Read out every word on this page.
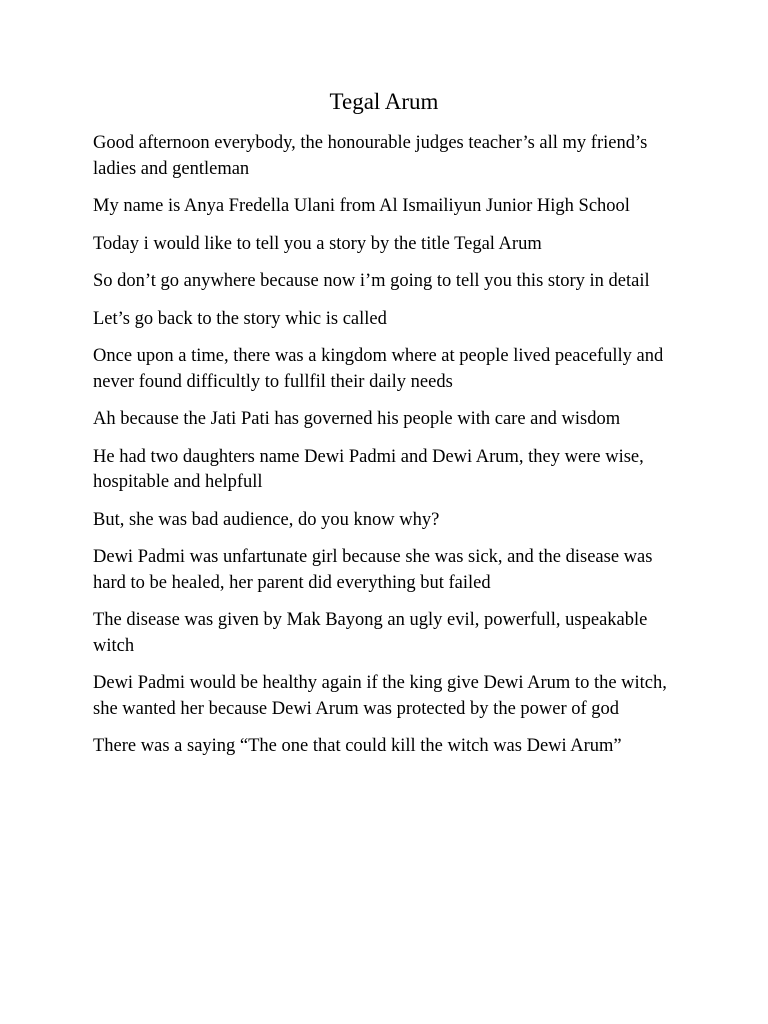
Tegal Arum

Good afternoon everybody, the honourable judges teacher’s all my friend’s ladies and gentleman

My name is Anya Fredella Ulani from Al Ismailiyun Junior High School

Today i would like to tell you a story by the title Tegal Arum

So don’t go anywhere because now i’m going to tell you this story in detail

Let’s go back to the story whic is called

Once upon a time, there was a kingdom where at people lived peacefully and never found difficultly to fullfil their daily needs

Ah because the Jati Pati has governed his people with care and wisdom

He had two daughters name Dewi Padmi and Dewi Arum, they were wise, hospitable and helpfull

But, she was bad audience, do you know why?

Dewi Padmi was unfartunate girl because she was sick, and the disease was hard to be healed, her parent did everything but failed

The disease was given by Mak Bayong an ugly evil, powerfull, uspeakable witch

Dewi Padmi would be healthy again if the king give Dewi Arum to the witch, she wanted her because Dewi Arum was protected by the power of god

There was a saying “The one that could kill the witch was Dewi Arum”
